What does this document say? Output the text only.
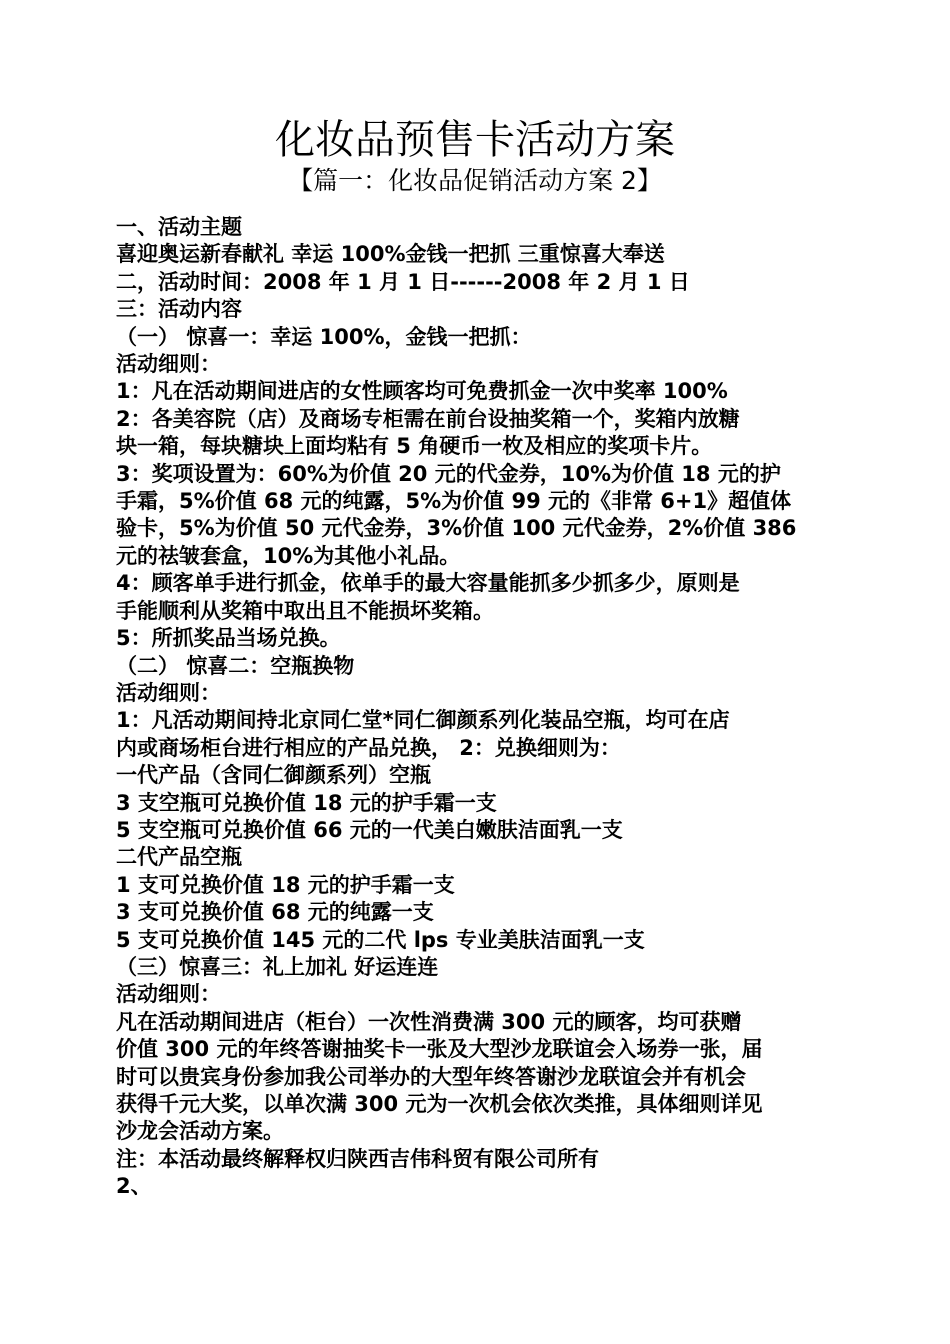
化妆品预售卡活动方案
【篇一：化妆品促销活动方案 2】
一、活动主题
喜迎奥运新春献礼 幸运 100%金钱一把抓 三重惊喜大奉送
二，活动时间：2008 年 1 月 1 日------2008 年 2 月 1 日
三：活动内容
（一） 惊喜一：幸运 100%，金钱一把抓：
活动细则：
1：凡在活动期间进店的女性顾客均可免费抓金一次中奖率 100%
2：各美容院（店）及商场专柜需在前台设抽奖箱一个，奖箱内放糖
块一箱，每块糖块上面均粘有 5 角硬币一枚及相应的奖项卡片。
3：奖项设置为：60%为价值 20 元的代金券，10%为价值 18 元的护
手霜，5%价值 68 元的纯露，5%为价值 99 元的《非常 6+1》超值体
验卡，5%为价值 50 元代金券，3%价值 100 元代金券，2%价值 386
元的祛皱套盒，10%为其他小礼品。
4：顾客单手进行抓金，依单手的最大容量能抓多少抓多少，原则是
手能顺利从奖箱中取出且不能损坏奖箱。
5：所抓奖品当场兑换。
（二） 惊喜二：空瓶换物
活动细则：
1：凡活动期间持北京同仁堂*同仁御颜系列化装品空瓶，均可在店
内或商场柜台进行相应的产品兑换， 2：兑换细则为：
一代产品（含同仁御颜系列）空瓶
3 支空瓶可兑换价值 18 元的护手霜一支
5 支空瓶可兑换价值 66 元的一代美白嫩肤洁面乳一支
二代产品空瓶
1 支可兑换价值 18 元的护手霜一支
3 支可兑换价值 68 元的纯露一支
5 支可兑换价值 145 元的二代 lps 专业美肤洁面乳一支
（三）惊喜三：礼上加礼 好运连连
活动细则：
凡在活动期间进店（柜台）一次性消费满 300 元的顾客，均可获赠
价值 300 元的年终答谢抽奖卡一张及大型沙龙联谊会入场券一张，届
时可以贵宾身份参加我公司举办的大型年终答谢沙龙联谊会并有机会
获得千元大奖，以单次满 300 元为一次机会依次类推，具体细则详见
沙龙会活动方案。
注：本活动最终解释权归陕西吉伟科贸有限公司所有
2、
